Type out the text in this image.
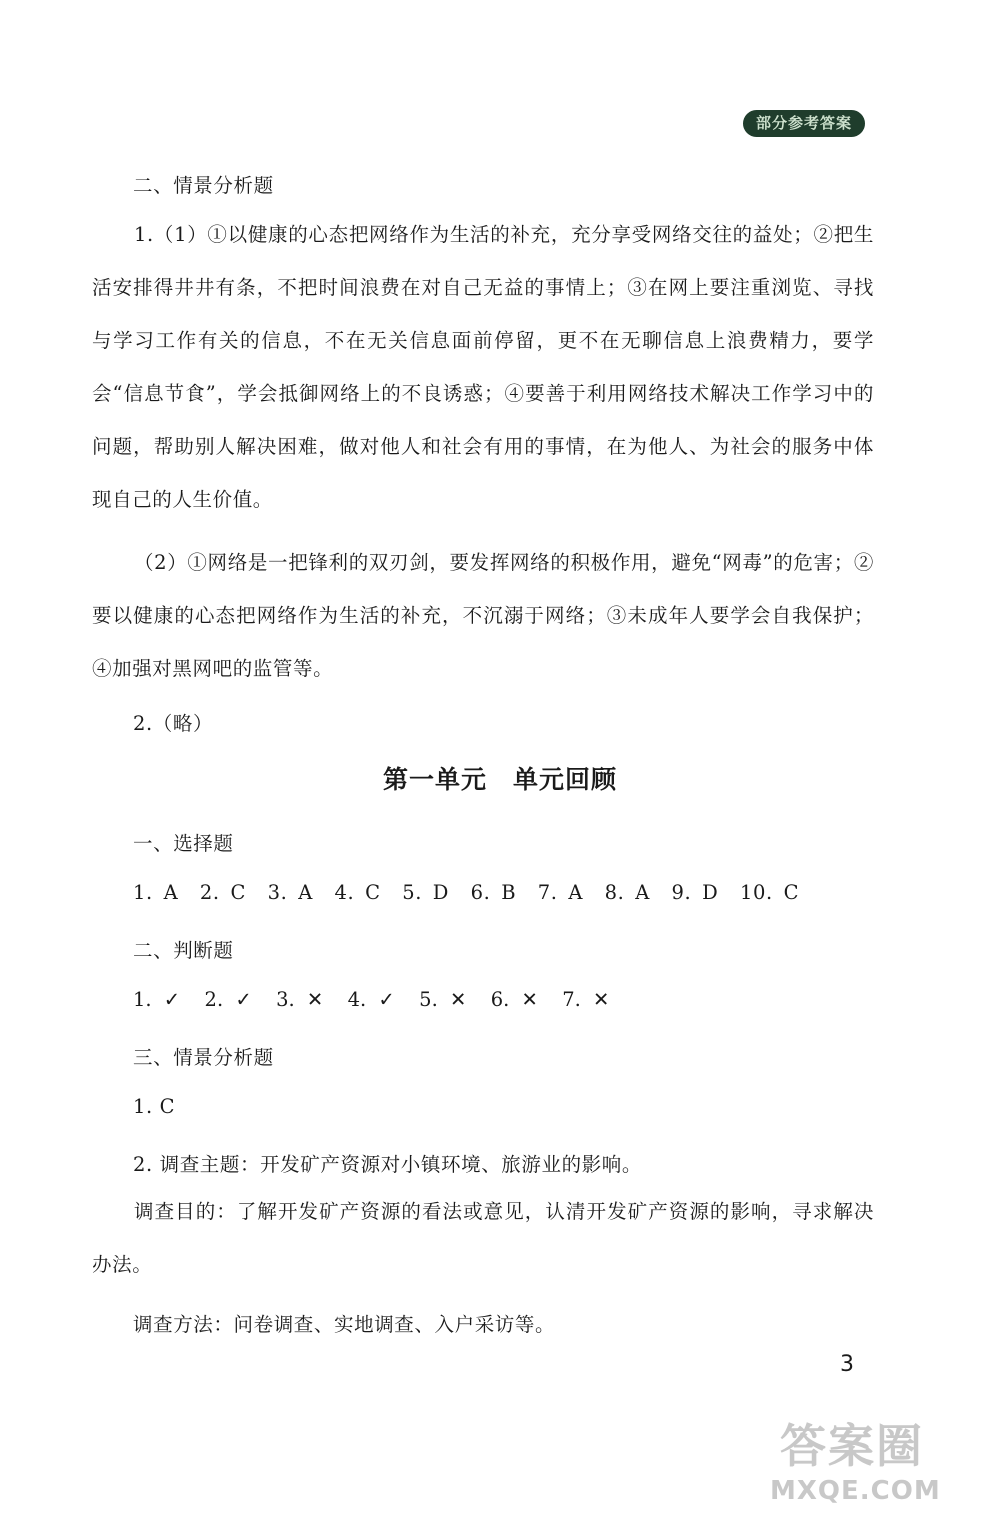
部分参考答案
二、情景分析题
1.（1）①以健康的心态把网络作为生活的补充，充分享受网络交往的益处；②把生活安排得井井有条，不把时间浪费在对自己无益的事情上；③在网上要注重浏览、寻找与学习工作有关的信息，不在无关信息面前停留，更不在无聊信息上浪费精力，要学会“信息节食”，学会抵御网络上的不良诱惑；④要善于利用网络技术解决工作学习中的问题，帮助别人解决困难，做对他人和社会有用的事情，在为他人、为社会的服务中体现自己的人生价值。
（2）①网络是一把锋利的双刃剑，要发挥网络的积极作用，避免“网毒”的危害；②要以健康的心态把网络作为生活的补充，不沉溺于网络；③未成年人要学会自我保护；④加强对黑网吧的监管等。
2.（略）
第一单元　单元回顾
一、选择题
1. A  2. C  3. A  4. C  5. D  6. B  7. A  8. A  9. D  10. C
二、判断题
1. ✓  2. ✓  3. ✕  4. ✓  5. ✕  6. ✕  7. ✕
三、情景分析题
1. C
2. 调查主题：开发矿产资源对小镇环境、旅游业的影响。
调查目的：了解开发矿产资源的看法或意见，认清开发矿产资源的影响，寻求解决办法。
调查方法：问卷调查、实地调查、入户采访等。
3
答案圈
MXQE.COM
